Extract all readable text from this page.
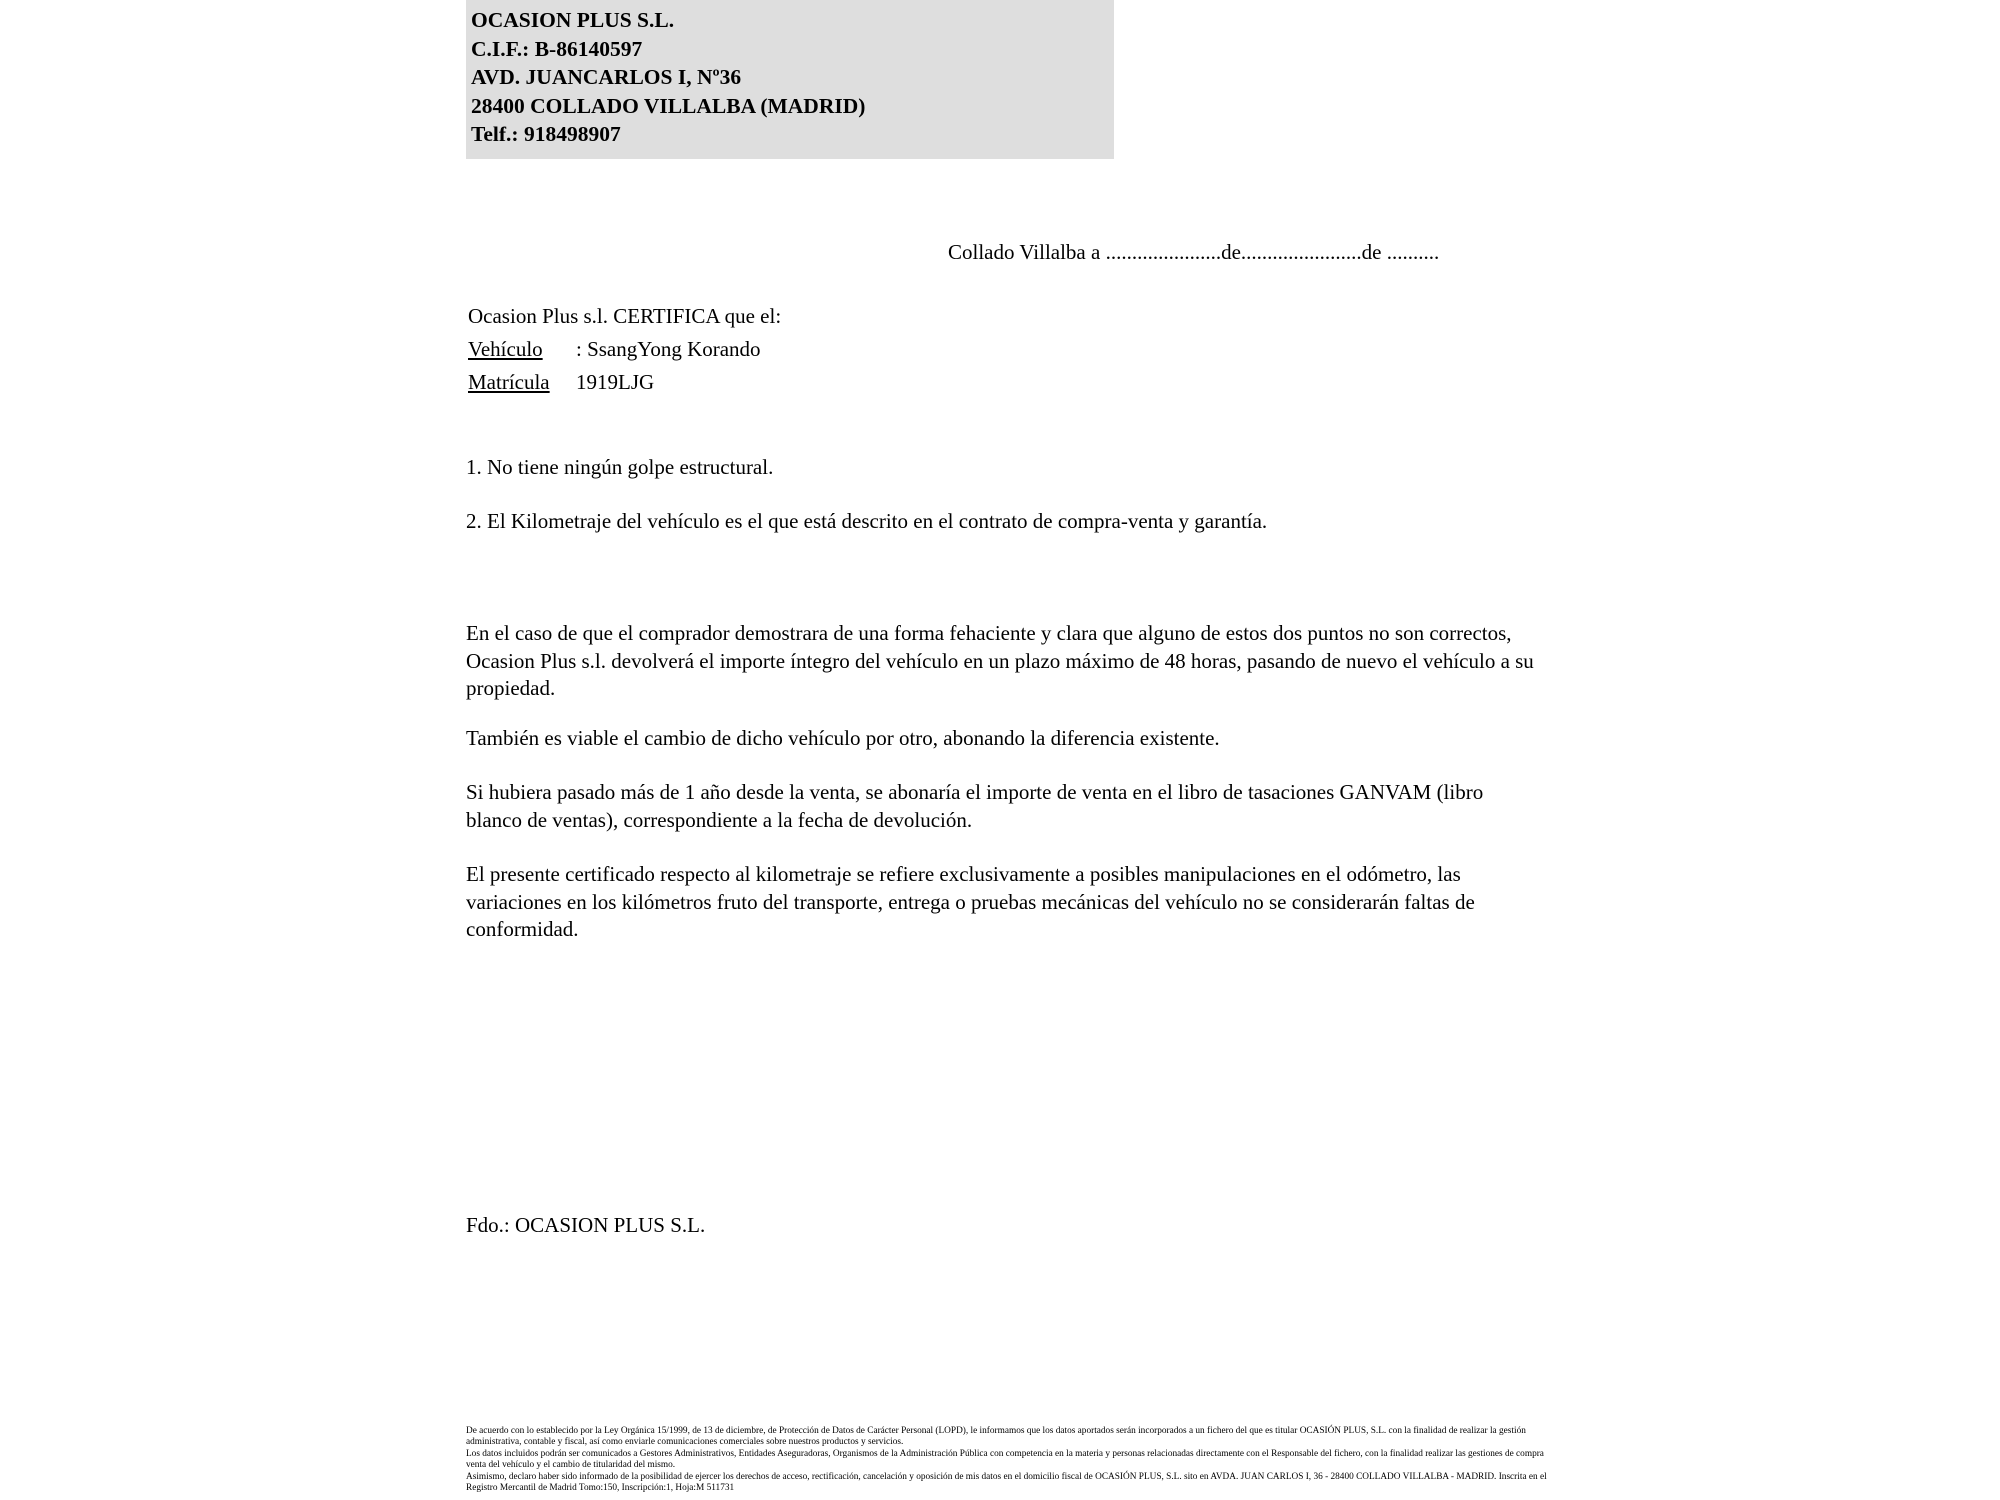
OCASION PLUS S.L.
C.I.F.: B-86140597
AVD. JUANCARLOS I, Nº36
28400 COLLADO VILLALBA (MADRID)
Telf.: 918498907
Collado Villalba a ......................de.......................de ..........
Ocasion Plus s.l. CERTIFICA que el:
Vehículo : SsangYong Korando
Matrícula 1919LJG
1. No tiene ningún golpe estructural.
2. El Kilometraje del vehículo es el que está descrito en el contrato de compra-venta y garantía.
En el caso de que el comprador demostrara de una forma fehaciente y clara que alguno de estos dos puntos no son correctos, Ocasion Plus s.l. devolverá el importe íntegro del vehículo en un plazo máximo de 48 horas, pasando de nuevo el vehículo a su propiedad.
También es viable el cambio de dicho vehículo por otro, abonando la diferencia existente.
Si hubiera pasado más de 1 año desde la venta, se abonaría el importe de venta en el libro de tasaciones GANVAM (libro blanco de ventas), correspondiente a la fecha de devolución.
El presente certificado respecto al kilometraje se refiere exclusivamente a posibles manipulaciones en el odómetro, las variaciones en los kilómetros fruto del transporte, entrega o pruebas mecánicas del vehículo no se considerarán faltas de conformidad.
Fdo.: OCASION PLUS S.L.

De acuerdo con lo establecido por la Ley Orgánica 15/1999, de 13 de diciembre, de Protección de Datos de Carácter Personal (LOPD), le informamos que los datos aportados serán incorporados a un fichero del que es titular OCASIÓN PLUS, S.L. con la finalidad de realizar la gestión administrativa, contable y fiscal, así como enviarle comunicaciones comerciales sobre nuestros productos y servicios.

Los datos incluidos podrán ser comunicados a Gestores Administrativos, Entidades Aseguradoras, Organismos de la Administración Pública con competencia en la materia y personas relacionadas directamente con el Responsable del fichero, con la finalidad realizar las gestiones de compra venta del vehículo y el cambio de titularidad del mismo.

Asimismo, declaro haber sido informado de la posibilidad de ejercer los derechos de acceso, rectificación, cancelación y oposición de mis datos en el domicilio fiscal de OCASIÓN PLUS, S.L. sito en AVDA. JUAN CARLOS I, 36 - 28400 COLLADO VILLALBA - MADRID. Inscrita en el Registro Mercantil de Madrid Tomo:150, Inscripción:1, Hoja:M 511731
